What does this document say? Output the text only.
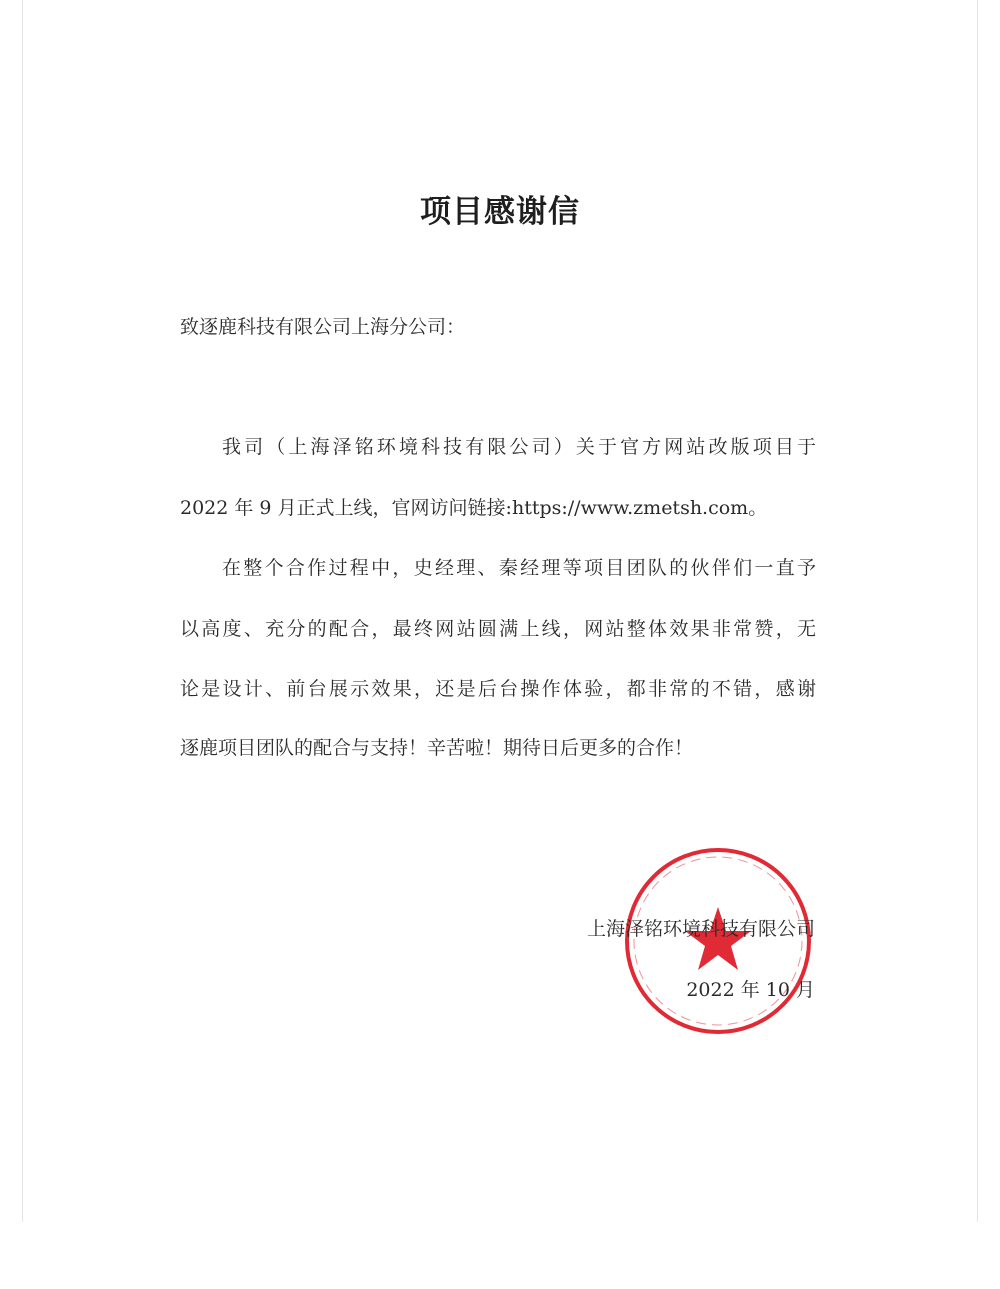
项目感谢信
致逐鹿科技有限公司上海分公司：
我司（上海泽铭环境科技有限公司）关于官方网站改版项目于
2022 年 9 月正式上线，官网访问链接:https://www.zmetsh.com。
在整个合作过程中，史经理、秦经理等项目团队的伙伴们一直予
以高度、充分的配合，最终网站圆满上线，网站整体效果非常赞，无
论是设计、前台展示效果，还是后台操作体验，都非常的不错，感谢
逐鹿项目团队的配合与支持！辛苦啦！期待日后更多的合作！
上海泽铭环境科技有限公司
2022 年 10 月
